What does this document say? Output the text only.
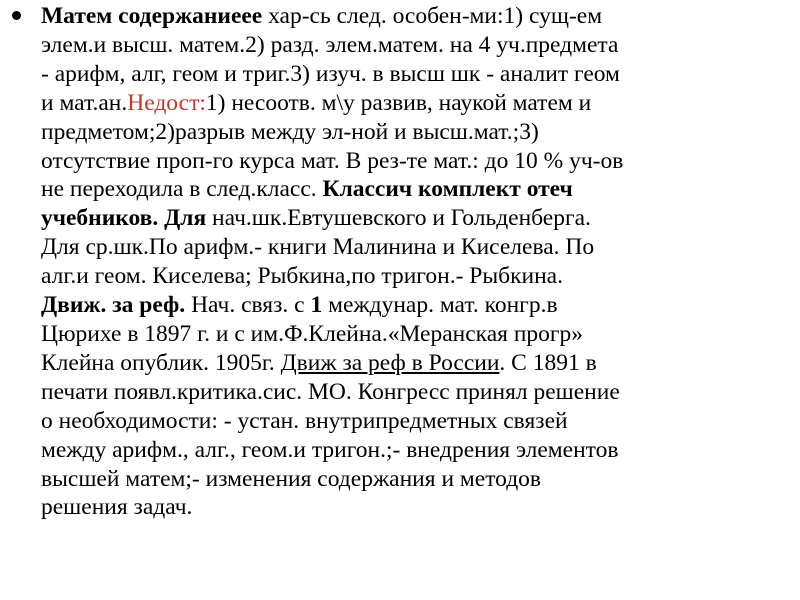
Матем содержаниеее хар-сь след. особен-ми:1) сущ-ем
элем.и высш. матем.2) разд. элем.матем. на 4 уч.предмета
- арифм, алг, геом и триг.3) изуч. в высш шк - аналит геом
и мат.ан.Недост:1) несоотв. м\у развив, наукой матем и
предметом;2)разрыв между эл-ной и высш.мат.;3)
отсутствие проп-го курса мат. В рез-те мат.: до 10 % уч-ов
не переходила в след.класс. Классич комплект отеч
учебников. Для нач.шк.Евтушевского и Гольденберга.
Для ср.шк.По арифм.- книги Малинина и Киселева. По
алг.и геом. Киселева; Рыбкина,по тригон.- Рыбкина.
Движ. за реф. Нач. связ. с 1 междунар. мат. конгр.в
Цюрихе в 1897 г. и с им.Ф.Клейна.«Меранская прогр»
Клейна опублик. 1905г. Движ за реф в России. С 1891 в
печати появл.критика.сис. МО. Конгресс принял решение
о необходимости: - устан. внутрипредметных связей
между арифм., алг., геом.и тригон.;- внедрения элементов
высшей матем;- изменения содержания и методов
решения задач.
